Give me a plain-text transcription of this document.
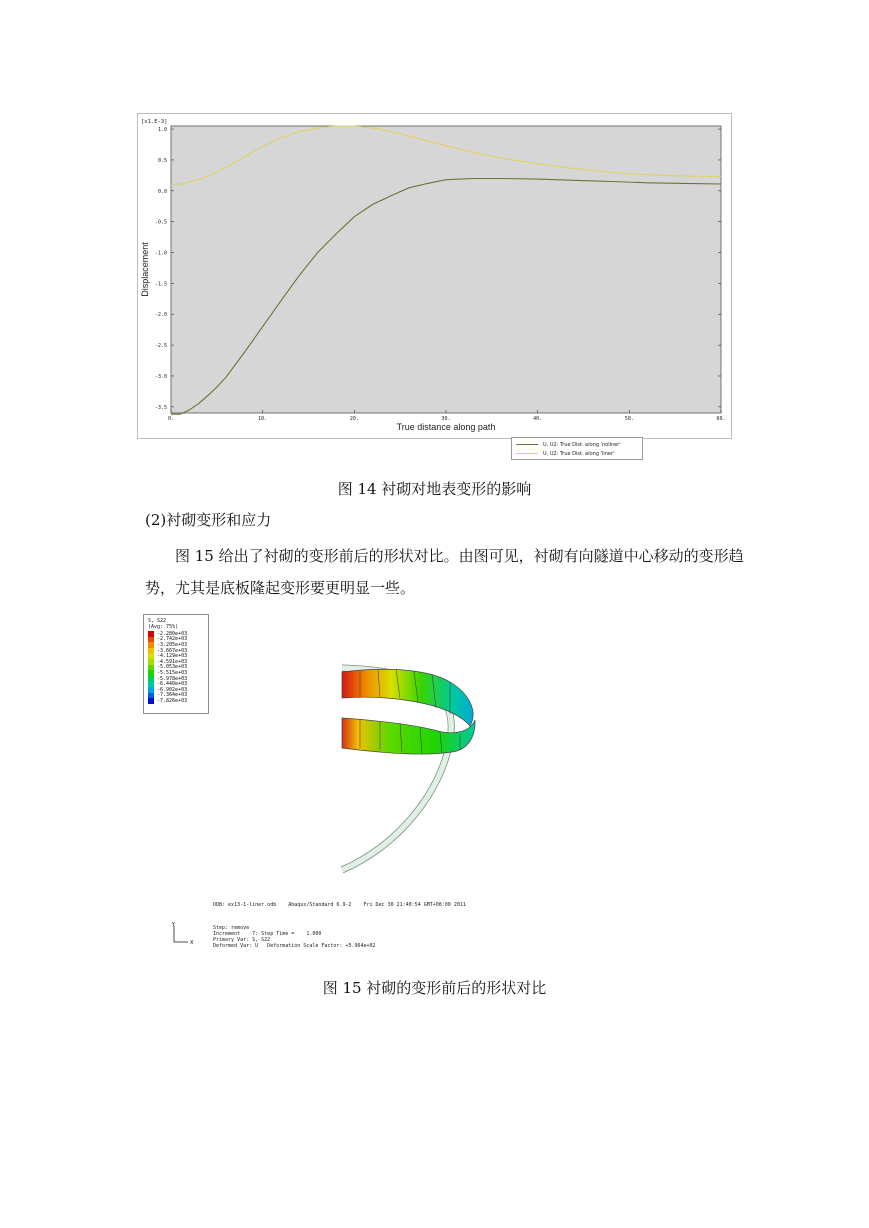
[x1.E-3]
1.0
0.5
0.0
-0.5
-1.0
-1.5
-2.0
-2.5
-3.0
-3.5
0.	10.	20.	30.	40.	50.	60.
True distance along path
Displacement
U, U2: True Dist. along 'noliner'
U, U2: True Dist. along 'liner'
图 14 衬砌对地表变形的影响
(2)衬砌变形和应力
图 15 给出了衬砌的变形前后的形状对比。由图可见，衬砌有向隧道中心移动的变形趋势，尤其是底板隆起变形要更明显一些。
S, S22
(Avg: 75%)
-2.280e+03
-2.742e+03
-3.205e+03
-3.667e+03
-4.129e+03
-4.591e+03
-5.053e+03
-5.515e+03
-5.978e+03
-6.440e+03
-6.902e+03
-7.364e+03
-7.826e+03
ODB: ex13-1-liner.odb    Abaqus/Standard 6.9-2    Fri Dec 30 21:40:54 GMT+08:00 2011
Step: remove
Increment    7: Step Time =    1.000
Primary Var: S, S22
Deformed Var: U   Deformation Scale Factor: +5.964e+02
Y
X
图 15 衬砌的变形前后的形状对比
